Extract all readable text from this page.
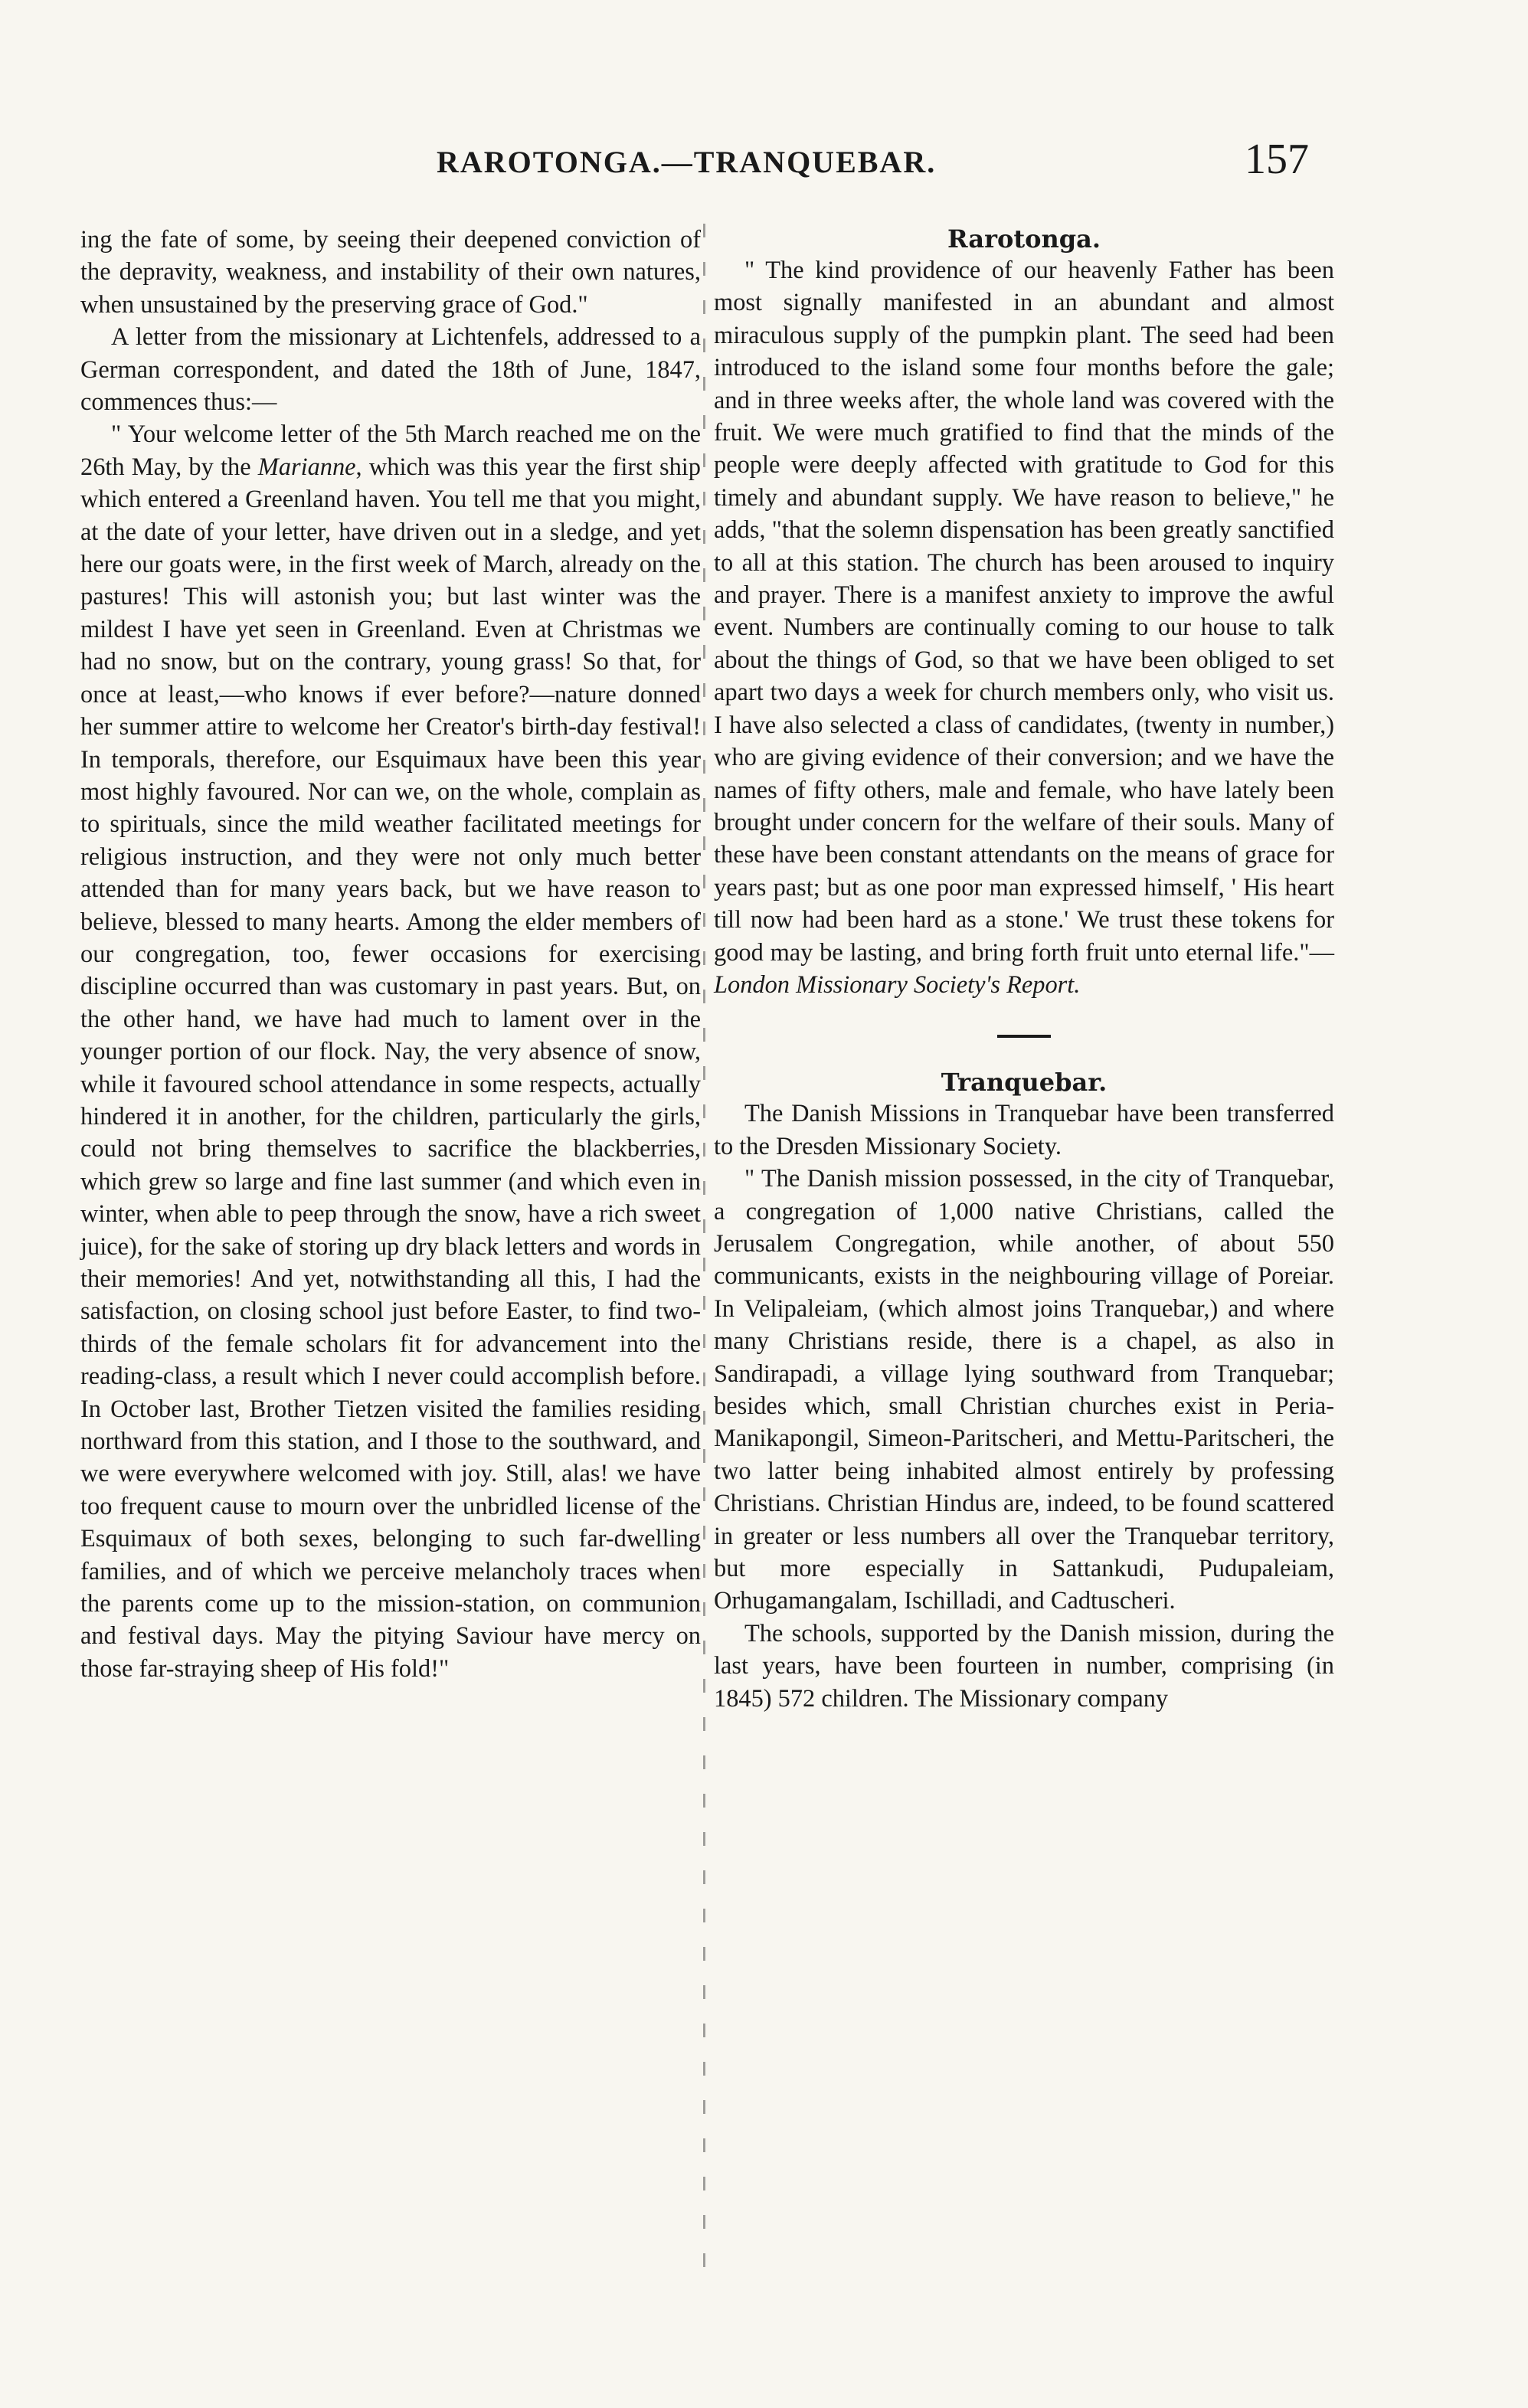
RAROTONGA.—TRANQUEBAR.	157

ing the fate of some, by seeing their deepened conviction of the depravity, weakness, and instability of their own natures, when unsustained by the preserving grace of God."

A letter from the missionary at Lichtenfels, addressed to a German correspondent, and dated the 18th of June, 1847, commences thus:—

" Your welcome letter of the 5th March reached me on the 26th May, by the Marianne, which was this year the first ship which entered a Greenland haven. You tell me that you might, at the date of your letter, have driven out in a sledge, and yet here our goats were, in the first week of March, already on the pastures! This will astonish you; but last winter was the mildest I have yet seen in Greenland. Even at Christmas we had no snow, but on the contrary, young grass! So that, for once at least,—who knows if ever before?—nature donned her summer attire to welcome her Creator's birth-day festival! In temporals, therefore, our Esquimaux have been this year most highly favoured. Nor can we, on the whole, complain as to spirituals, since the mild weather facilitated meetings for religious instruction, and they were not only much better attended than for many years back, but we have reason to believe, blessed to many hearts. Among the elder members of our congregation, too, fewer occasions for exercising discipline occurred than was customary in past years. But, on the other hand, we have had much to lament over in the younger portion of our flock. Nay, the very absence of snow, while it favoured school attendance in some respects, actually hindered it in another, for the children, particularly the girls, could not bring themselves to sacrifice the blackberries, which grew so large and fine last summer (and which even in winter, when able to peep through the snow, have a rich sweet juice), for the sake of storing up dry black letters and words in their memories! And yet, notwithstanding all this, I had the satisfaction, on closing school just before Easter, to find two-thirds of the female scholars fit for advancement into the reading-class, a result which I never could accomplish before. In October last, Brother Tietzen visited the families residing northward from this station, and I those to the southward, and we were everywhere welcomed with joy. Still, alas! we have too frequent cause to mourn over the unbridled license of the Esquimaux of both sexes, belonging to such far-dwelling families, and of which we perceive melancholy traces when the parents come up to the mission-station, on communion and festival days. May the pitying Saviour have mercy on those far-straying sheep of His fold!"

Rarotonga.

" The kind providence of our heavenly Father has been most signally manifested in an abundant and almost miraculous supply of the pumpkin plant. The seed had been introduced to the island some four months before the gale; and in three weeks after, the whole land was covered with the fruit. We were much gratified to find that the minds of the people were deeply affected with gratitude to God for this timely and abundant supply. We have reason to believe," he adds, "that the solemn dispensation has been greatly sanctified to all at this station. The church has been aroused to inquiry and prayer. There is a manifest anxiety to improve the awful event. Numbers are continually coming to our house to talk about the things of God, so that we have been obliged to set apart two days a week for church members only, who visit us. I have also selected a class of candidates, (twenty in number,) who are giving evidence of their conversion; and we have the names of fifty others, male and female, who have lately been brought under concern for the welfare of their souls. Many of these have been constant attendants on the means of grace for years past; but as one poor man expressed himself, ' His heart till now had been hard as a stone.' We trust these tokens for good may be lasting, and bring forth fruit unto eternal life."—London Missionary Society's Report.

Tranquebar.

The Danish Missions in Tranquebar have been transferred to the Dresden Missionary Society.

" The Danish mission possessed, in the city of Tranquebar, a congregation of 1,000 native Christians, called the Jerusalem Congregation, while another, of about 550 communicants, exists in the neighbouring village of Poreiar. In Velipaleiam, (which almost joins Tranquebar,) and where many Christians reside, there is a chapel, as also in Sandirapadi, a village lying southward from Tranquebar; besides which, small Christian churches exist in Peria-Manikapongil, Simeon-Paritscheri, and Mettu-Paritscheri, the two latter being inhabited almost entirely by professing Christians. Christian Hindus are, indeed, to be found scattered in greater or less numbers all over the Tranquebar territory, but more especially in Sattankudi, Pudupaleiam, Orhugamangalam, Ischilladi, and Cadtuscheri.

The schools, supported by the Danish mission, during the last years, have been fourteen in number, comprising (in 1845) 572 children. The Missionary company
